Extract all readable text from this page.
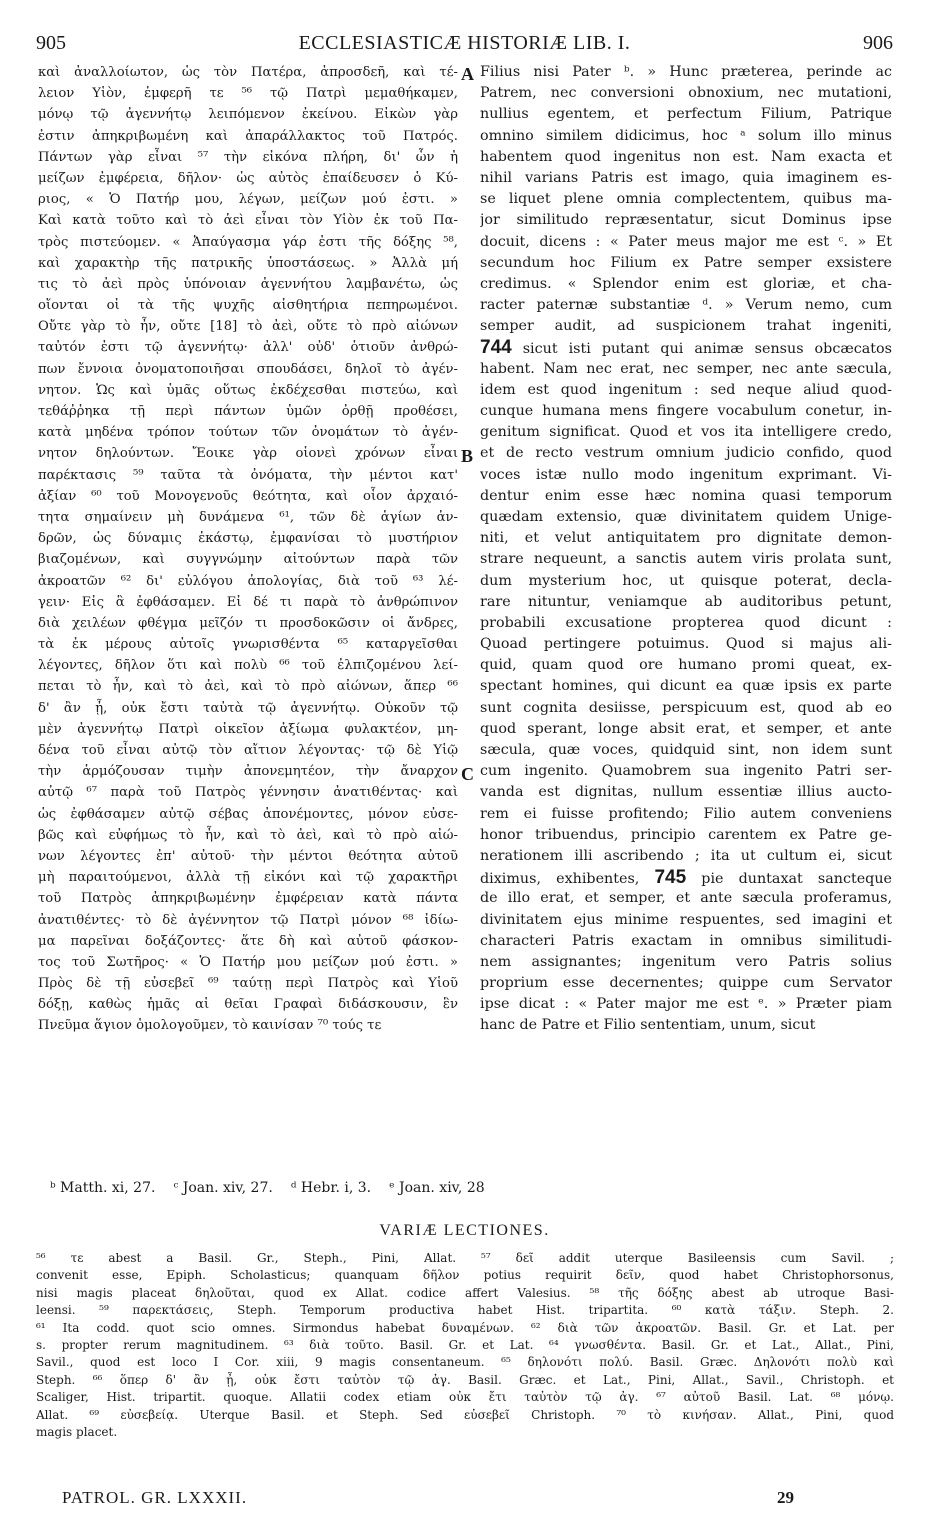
905	ECCLESIASTICÆ HISTORIÆ LIB. I.	906
καὶ ἀναλλοίωτον, ὡς τὸν Πατέρα, ἀπροσδεῆ, καὶ τέ-
λειον Υἱὸν, ἐμφερῆ τε ⁵⁶ τῷ Πατρὶ μεμαθήκαμεν,
μόνῳ τῷ ἀγεννήτῳ λειπόμενον ἐκείνου. Εἰκὼν γὰρ
ἐστιν ἀπηκριβωμένη καὶ ἀπαράλλακτος τοῦ Πατρός.
Πάντων γὰρ εἶναι ⁵⁷ τὴν εἰκόνα πλήρη, δι' ὧν ἡ
μείζων ἐμφέρεια, δῆλον· ὡς αὐτὸς ἐπαίδευσεν ὁ Κύ-
ριος, « Ὁ Πατήρ μου, λέγων, μείζων μού ἐστι. »
Καὶ κατὰ τοῦτο καὶ τὸ ἀεὶ εἶναι τὸν Υἱὸν ἐκ τοῦ Πα-
τρὸς πιστεύομεν. « Ἀπαύγασμα γάρ ἐστι τῆς δόξης ⁵⁸,
καὶ χαρακτὴρ τῆς πατρικῆς ὑποστάσεως. » Ἀλλὰ μή
τις τὸ ἀεὶ πρὸς ὑπόνοιαν ἀγεννήτου λαμβανέτω, ὡς
οἴονται οἱ τὰ τῆς ψυχῆς αἰσθητήρια πεπηρωμένοι.
Οὔτε γὰρ τὸ ἦν, οὔτε [18] τὸ ἀεὶ, οὔτε τὸ πρὸ αἰώνων
ταὐτόν ἐστι τῷ ἀγεννήτῳ· ἀλλ' οὐδ' ὁτιοῦν ἀνθρώ-
πων ἔννοια ὀνοματοποιῆσαι σπουδάσει, δηλοῖ τὸ ἀγέν-
νητον. Ὡς καὶ ὑμᾶς οὕτως ἐκδέχεσθαι πιστεύω, καὶ
τεθάῤῥηκα τῇ περὶ πάντων ὑμῶν ὀρθῇ προθέσει,
κατὰ μηδένα τρόπον τούτων τῶν ὀνομάτων τὸ ἀγέν-
νητον δηλούντων. Ἔοικε γὰρ οἱονεὶ χρόνων εἶναι
παρέκτασις ⁵⁹ ταῦτα τὰ ὀνόματα, τὴν μέντοι κατ'
ἀξίαν ⁶⁰ τοῦ Μονογενοῦς θεότητα, καὶ οἷον ἀρχαιό-
τητα σημαίνειν μὴ δυνάμενα ⁶¹, τῶν δὲ ἁγίων ἀν-
δρῶν, ὡς δύναμις ἑκάστῳ, ἐμφανίσαι τὸ μυστήριον
βιαζομένων, καὶ συγγνώμην αἰτούντων παρὰ τῶν
ἀκροατῶν ⁶² δι' εὐλόγου ἀπολογίας, διὰ τοῦ ⁶³ λέ-
γειν· Εἰς ἃ ἐφθάσαμεν. Εἰ δέ τι παρὰ τὸ ἀνθρώπινον
διὰ χειλέων φθέγμα μεῖζόν τι προσδοκῶσιν οἱ ἄνδρες,
τὰ ἐκ μέρους αὐτοῖς γνωρισθέντα ⁶⁵ καταργεῖσθαι
λέγοντες, δῆλον ὅτι καὶ πολὺ ⁶⁶ τοῦ ἐλπιζομένου λεί-
πεται τὸ ἦν, καὶ τὸ ἀεὶ, καὶ τὸ πρὸ αἰώνων, ἅπερ ⁶⁶
δ' ἂν ᾖ, οὐκ ἔστι ταὐτὰ τῷ ἀγεννήτῳ. Οὐκοῦν τῷ
μὲν ἀγεννήτῳ Πατρὶ οἰκεῖον ἀξίωμα φυλακτέον, μη-
δένα τοῦ εἶναι αὐτῷ τὸν αἴτιον λέγοντας· τῷ δὲ Υἱῷ
τὴν ἁρμόζουσαν τιμὴν ἀπονεμητέον, τὴν ἄναρχον
αὐτῷ ⁶⁷ παρὰ τοῦ Πατρὸς γέννησιν ἀνατιθέντας· καὶ
ὡς ἐφθάσαμεν αὐτῷ σέβας ἀπονέμοντες, μόνον εὐσε-
βῶς καὶ εὐφήμως τὸ ἦν, καὶ τὸ ἀεὶ, καὶ τὸ πρὸ αἰώ-
νων λέγοντες ἐπ' αὐτοῦ· τὴν μέντοι θεότητα αὐτοῦ
μὴ παραιτούμενοι, ἀλλὰ τῇ εἰκόνι καὶ τῷ χαρακτῆρι
τοῦ Πατρὸς ἀπηκριβωμένην ἐμφέρειαν κατὰ πάντα
ἀνατιθέντες· τὸ δὲ ἀγέννητον τῷ Πατρὶ μόνον ⁶⁸ ἰδίω-
μα παρεῖναι δοξάζοντες· ἅτε δὴ καὶ αὐτοῦ φάσκον-
τος τοῦ Σωτῆρος· « Ὁ Πατήρ μου μείζων μού ἐστι. »
Πρὸς δὲ τῇ εὐσεβεῖ ⁶⁹ ταύτῃ περὶ Πατρὸς καὶ Υἱοῦ
δόξῃ, καθὼς ἡμᾶς αἱ θεῖαι Γραφαὶ διδάσκουσιν, ἓν
Πνεῦμα ἅγιον ὁμολογοῦμεν, τὸ καινίσαν ⁷⁰ τούς τε
A
B
C
Filius nisi Pater ᵇ. » Hunc præterea, perinde ac
Patrem, nec conversioni obnoxium, nec mutationi,
nullius egentem, et perfectum Filium, Patrique
omnino similem didicimus, hoc ᵃ solum illo minus
habentem quod ingenitus non est. Nam exacta et
nihil varians Patris est imago, quia imaginem es-
se liquet plene omnia complectentem, quibus ma-
jor similitudo repræsentatur, sicut Dominus ipse
docuit, dicens : « Pater meus major me est ᶜ. » Et
secundum hoc Filium ex Patre semper exsistere
credimus. « Splendor enim est gloriæ, et cha-
racter paternæ substantiæ ᵈ. » Verum nemo, cum
semper audit, ad suspicionem trahat ingeniti,
744 sicut isti putant qui animæ sensus obcæcatos
habent. Nam nec erat, nec semper, nec ante sæcula,
idem est quod ingenitum : sed neque aliud quod-
cunque humana mens fingere vocabulum conetur, in-
genitum significat. Quod et vos ita intelligere credo,
et de recto vestrum omnium judicio confido, quod
voces istæ nullo modo ingenitum exprimant. Vi-
dentur enim esse hæc nomina quasi temporum
quædam extensio, quæ divinitatem quidem Unige-
niti, et velut antiquitatem pro dignitate demon-
strare nequeunt, a sanctis autem viris prolata sunt,
dum mysterium hoc, ut quisque poterat, decla-
rare nituntur, veniamque ab auditoribus petunt,
probabili excusatione propterea quod dicunt :
Quoad pertingere potuimus. Quod si majus ali-
quid, quam quod ore humano promi queat, ex-
spectant homines, qui dicunt ea quæ ipsis ex parte
sunt cognita desiisse, perspicuum est, quod ab eo
quod sperant, longe absit erat, et semper, et ante
sæcula, quæ voces, quidquid sint, non idem sunt
cum ingenito. Quamobrem sua ingenito Patri ser-
vanda est dignitas, nullum essentiæ illius aucto-
rem ei fuisse profitendo; Filio autem conveniens
honor tribuendus, principio carentem ex Patre ge-
nerationem illi ascribendo ; ita ut cultum ei, sicut
diximus, exhibentes, 745 pie duntaxat sancteque
de illo erat, et semper, et ante sæcula proferamus,
divinitatem ejus minime respuentes, sed imagini et
characteri Patris exactam in omnibus similitudi-
nem assignantes; ingenitum vero Patris solius
proprium esse decernentes; quippe cum Servator
ipse dicat : « Pater major me est ᵉ. » Præter piam
hanc de Patre et Filio sententiam, unum, sicut
ᵇ Matth. xi, 27. ᶜ Joan. xiv, 27. ᵈ Hebr. i, 3. ᵉ Joan. xiv, 28
VARIÆ LECTIONES.
⁵⁶ τε abest a Basil. Gr., Steph., Pini, Allat. ⁵⁷ δεῖ addit uterque Basileensis cum Savil. ;
convenit esse, Epiph. Scholasticus; quanquam δῆλον potius requirit δεῖν, quod habet Christophorsonus,
nisi magis placeat δηλοῦται, quod ex Allat. codice affert Valesius. ⁵⁸ τῆς δόξης abest ab utroque Basi-
leensi. ⁵⁹ παρεκτάσεις, Steph. Temporum productiva habet Hist. tripartita. ⁶⁰ κατὰ τάξιν. Steph. 2.
⁶¹ Ita codd. quot scio omnes. Sirmondus habebat δυναμένων. ⁶² διὰ τῶν ἀκροατῶν. Basil. Gr. et Lat. per
s. propter rerum magnitudinem. ⁶³ διὰ τοῦτο. Basil. Gr. et Lat. ⁶⁴ γνωσθέντα. Basil. Gr. et Lat., Allat., Pini,
Savil., quod est loco I Cor. xiii, 9 magis consentaneum. ⁶⁵ δηλονότι πολύ. Basil. Græc. Δηλονότι πολὺ καὶ
Steph. ⁶⁶ ὅπερ δ' ἂν ᾖ, οὐκ ἔστι ταὐτὸν τῷ ἀγ. Basil. Græc. et Lat., Pini, Allat., Savil., Christoph. et
Scaliger, Hist. tripartit. quoque. Allatii codex etiam οὐκ ἔτι ταὐτὸν τῷ ἀγ. ⁶⁷ αὐτοῦ Basil. Lat. ⁶⁸ μόνῳ.
Allat. ⁶⁹ εὐσεβείᾳ. Uterque Basil. et Steph. Sed εὐσεβεῖ Christoph. ⁷⁰ τὸ κινήσαν. Allat., Pini, quod
magis placet.
PATROL. GR. LXXXII.	29
